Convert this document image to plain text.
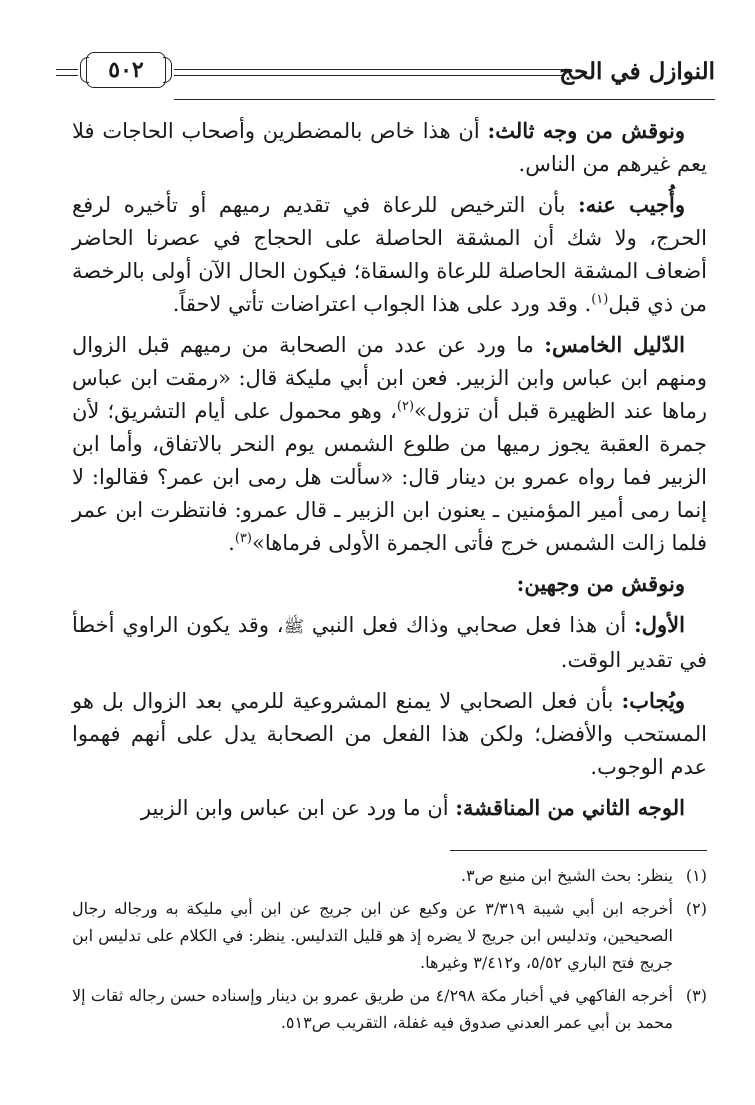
النوازل في الحج
٥٠٢

ونوقش من وجه ثالث: أن هذا خاص بالمضطرين وأصحاب الحاجات فلا يعم غيرهم من الناس.

وأُجيب عنه: بأن الترخيص للرعاة في تقديم رميهم أو تأخيره لرفع الحرج، ولا شك أن المشقة الحاصلة على الحجاج في عصرنا الحاضر أضعاف المشقة الحاصلة للرعاة والسقاة؛ فيكون الحال الآن أولى بالرخصة من ذي قبل$^{(١)}$. وقد ورد على هذا الجواب اعتراضات تأتي لاحقاً.

الدّليل الخامس: ما ورد عن عدد من الصحابة من رميهم قبل الزوال ومنهم ابن عباس وابن الزبير. فعن ابن أبي مليكة قال: «رمقت ابن عباس رماها عند الظهيرة قبل أن تزول»$^{(٢)}$، وهو محمول على أيام التشريق؛ لأن جمرة العقبة يجوز رميها من طلوع الشمس يوم النحر بالاتفاق، وأما ابن الزبير فما رواه عمرو بن دينار قال: «سألت هل رمى ابن عمر؟ فقالوا: لا إنما رمى أمير المؤمنين ـ يعنون ابن الزبير ـ قال عمرو: فانتظرت ابن عمر فلما زالت الشمس خرج فأتى الجمرة الأولى فرماها»$^{(٣)}$.

ونوقش من وجهين:

الأول: أن هذا فعل صحابي وذاك فعل النبي ﷺ، وقد يكون الراوي أخطأ في تقدير الوقت.

ويُجاب: بأن فعل الصحابي لا يمنع المشروعية للرمي بعد الزوال بل هو المستحب والأفضل؛ ولكن هذا الفعل من الصحابة يدل على أنهم فهموا عدم الوجوب.

الوجه الثاني من المناقشة: أن ما ورد عن ابن عباس وابن الزبير

(١)
ينظر: بحث الشيخ ابن منيع ص٣.
(٢)
أخرجه ابن أبي شيبة ٣/٣١٩ عن وكيع عن ابن جريج عن ابن أبي مليكة به ورجاله رجال الصحيحين، وتدليس ابن جريج لا يضره إذ هو قليل التدليس. ينظر: في الكلام على تدليس ابن جريج فتح الباري ٥/٥٢، و٣/٤١٢ وغيرها.
(٣)
أخرجه الفاكهي في أخبار مكة ٤/٢٩٨ من طريق عمرو بن دينار وإسناده حسن رجاله ثقات إلا محمد بن أبي عمر العدني صدوق فيه غفلة، التقريب ص٥١٣.
